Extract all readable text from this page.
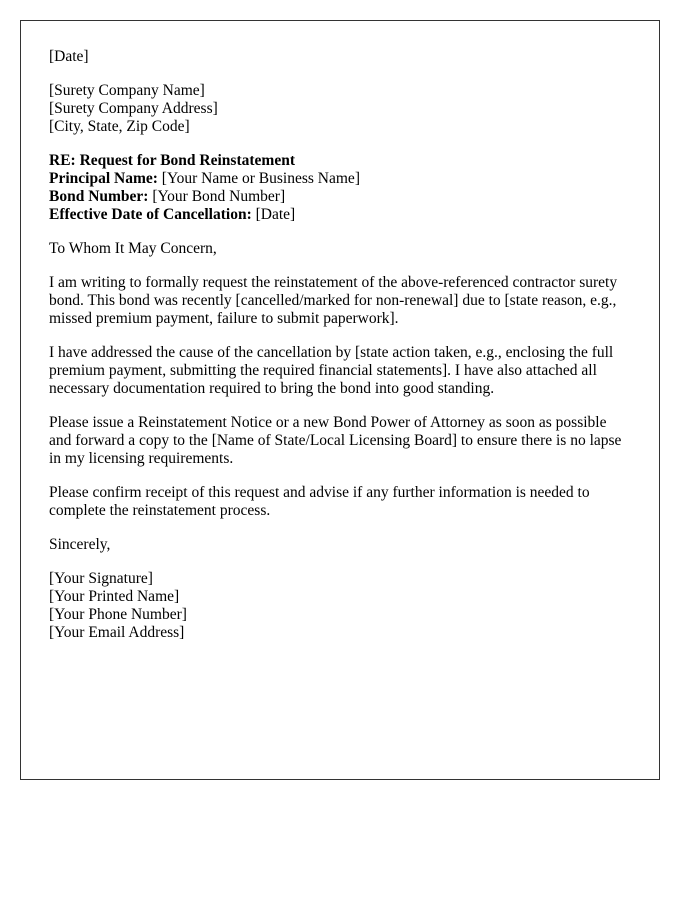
[Date]

[Surety Company Name]
[Surety Company Address]
[City, State, Zip Code]

RE: Request for Bond Reinstatement
Principal Name: [Your Name or Business Name]
Bond Number: [Your Bond Number]
Effective Date of Cancellation: [Date]

To Whom It May Concern,

I am writing to formally request the reinstatement of the above-referenced contractor surety bond. This bond was recently [cancelled/marked for non-renewal] due to [state reason, e.g., missed premium payment, failure to submit paperwork].

I have addressed the cause of the cancellation by [state action taken, e.g., enclosing the full premium payment, submitting the required financial statements]. I have also attached all necessary documentation required to bring the bond into good standing.

Please issue a Reinstatement Notice or a new Bond Power of Attorney as soon as possible and forward a copy to the [Name of State/Local Licensing Board] to ensure there is no lapse in my licensing requirements.

Please confirm receipt of this request and advise if any further information is needed to complete the reinstatement process.

Sincerely,

[Your Signature]
[Your Printed Name]
[Your Phone Number]
[Your Email Address]
